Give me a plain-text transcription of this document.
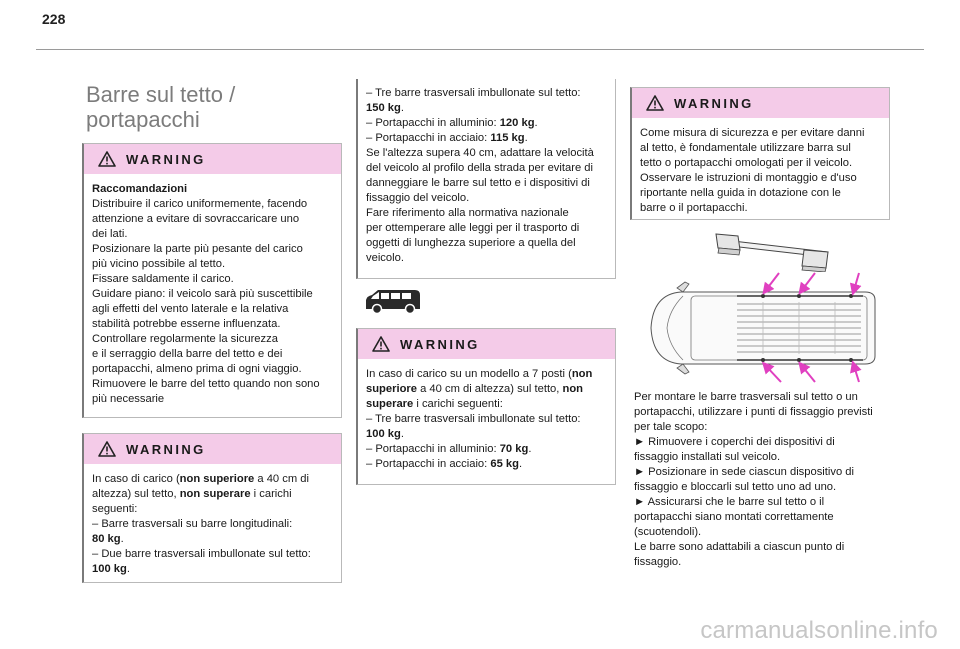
228
Barre sul tetto /
portapacchi
WARNING
Raccomandazioni
Distribuire il carico uniformemente, facendo
attenzione a evitare di sovraccaricare uno
dei lati.
Posizionare la parte più pesante del carico
più vicino possibile al tetto.
Fissare saldamente il carico.
Guidare piano: il veicolo sarà più suscettibile
agli effetti del vento laterale e la relativa
stabilità potrebbe esserne influenzata.
Controllare regolarmente la sicurezza
e il serraggio della barre del tetto e dei
portapacchi, almeno prima di ogni viaggio.
Rimuovere le barre del tetto quando non sono
più necessarie
WARNING
In caso di carico (non superiore a 40 cm di
altezza) sul tetto, non superare i carichi
seguenti:
– Barre trasversali su barre longitudinali:
80 kg.
– Due barre trasversali imbullonate sul tetto:
100 kg.
– Tre barre trasversali imbullonate sul tetto:
150 kg.
– Portapacchi in alluminio: 120 kg.
– Portapacchi in acciaio: 115 kg.
Se l'altezza supera 40 cm, adattare la velocità
del veicolo al profilo della strada per evitare di
danneggiare le barre sul tetto e i dispositivi di
fissaggio del veicolo.
Fare riferimento alla normativa nazionale
per ottemperare alle leggi per il trasporto di
oggetti di lunghezza superiore a quella del
veicolo.
WARNING
In caso di carico su un modello a 7 posti (non
superiore a 40 cm di altezza) sul tetto, non
superare i carichi seguenti:
– Tre barre trasversali imbullonate sul tetto:
100 kg.
– Portapacchi in alluminio: 70 kg.
– Portapacchi in acciaio: 65 kg.
WARNING
Come misura di sicurezza e per evitare danni
al tetto, è fondamentale utilizzare barra sul
tetto o portapacchi omologati per il veicolo.
Osservare le istruzioni di montaggio e d'uso
riportante nella guida in dotazione con le
barre o il portapacchi.
Per montare le barre trasversali sul tetto o un
portapacchi, utilizzare i punti di fissaggio previsti
per tale scopo:
► Rimuovere i coperchi dei dispositivi di
fissaggio installati sul veicolo.
► Posizionare in sede ciascun dispositivo di
fissaggio e bloccarli sul tetto uno ad uno.
► Assicurarsi che le barre sul tetto o il
portapacchi siano montati correttamente
(scuotendoli).
Le barre sono adattabili a ciascun punto di
fissaggio.
carmanualsonline.info
